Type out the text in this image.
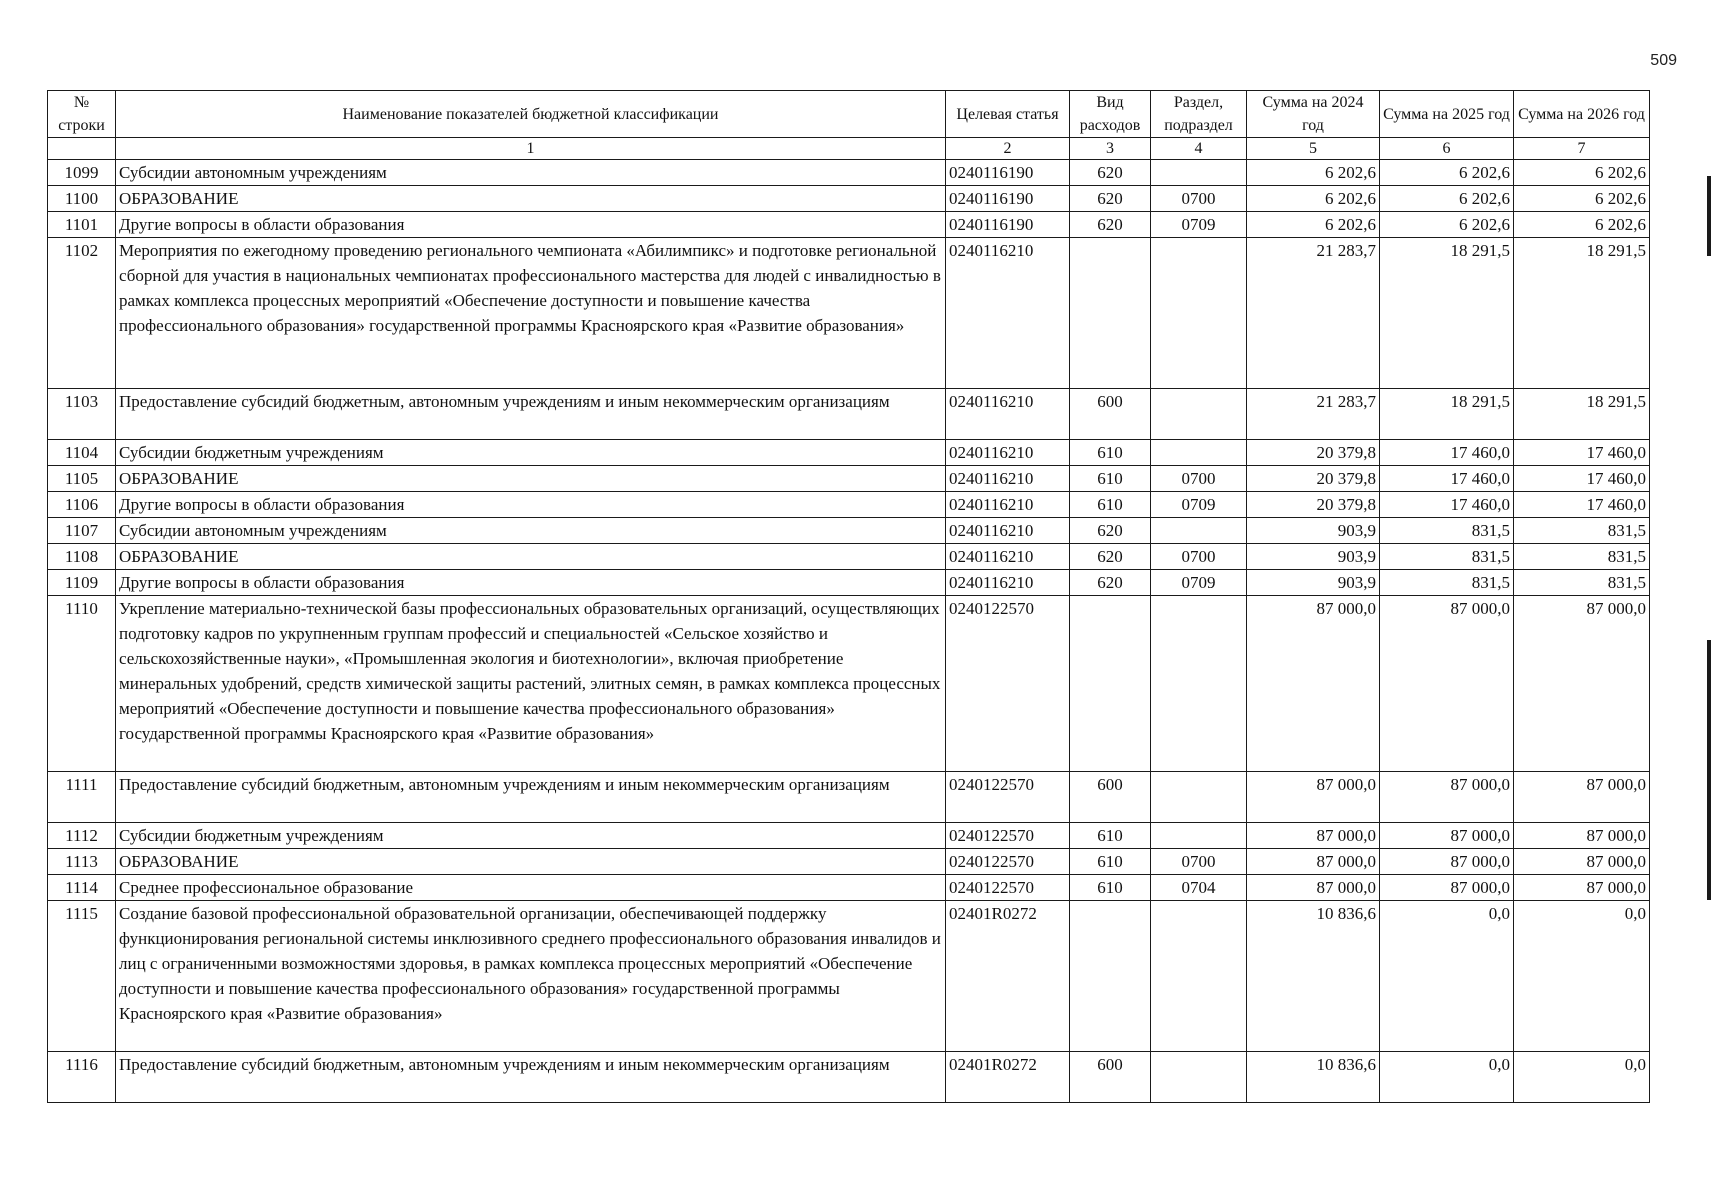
509
№ строки	Наименование показателей бюджетной классификации	Целевая статья	Вид расходов	Раздел, подраздел	Сумма на 2024 год	Сумма на 2025 год	Сумма на 2026 год
	1	2	3	4	5	6	7
1099	Субсидии автономным учреждениям	0240116190	620		6 202,6	6 202,6	6 202,6
1100	ОБРАЗОВАНИЕ	0240116190	620	0700	6 202,6	6 202,6	6 202,6
1101	Другие вопросы в области образования	0240116190	620	0709	6 202,6	6 202,6	6 202,6
1102	Мероприятия по ежегодному проведению регионального чемпионата «Абилимпикс» и подготовке региональной сборной для участия в национальных чемпионатах профессионального мастерства для людей с инвалидностью в рамках комплекса процессных мероприятий «Обеспечение доступности и повышение качества профессионального образования» государственной программы Красноярского края «Развитие образования»	0240116210			21 283,7	18 291,5	18 291,5
1103	Предоставление субсидий бюджетным, автономным учреждениям и иным некоммерческим организациям	0240116210	600		21 283,7	18 291,5	18 291,5
1104	Субсидии бюджетным учреждениям	0240116210	610		20 379,8	17 460,0	17 460,0
1105	ОБРАЗОВАНИЕ	0240116210	610	0700	20 379,8	17 460,0	17 460,0
1106	Другие вопросы в области образования	0240116210	610	0709	20 379,8	17 460,0	17 460,0
1107	Субсидии автономным учреждениям	0240116210	620		903,9	831,5	831,5
1108	ОБРАЗОВАНИЕ	0240116210	620	0700	903,9	831,5	831,5
1109	Другие вопросы в области образования	0240116210	620	0709	903,9	831,5	831,5
1110	Укрепление материально-технической базы профессиональных образовательных организаций, осуществляющих подготовку кадров по укрупненным группам профессий и специальностей «Сельское хозяйство и сельскохозяйственные науки», «Промышленная экология и биотехнологии», включая приобретение минеральных удобрений, средств химической защиты растений, элитных семян, в рамках комплекса процессных мероприятий «Обеспечение доступности и повышение качества профессионального образования» государственной программы Красноярского края «Развитие образования»	0240122570			87 000,0	87 000,0	87 000,0
1111	Предоставление субсидий бюджетным, автономным учреждениям и иным некоммерческим организациям	0240122570	600		87 000,0	87 000,0	87 000,0
1112	Субсидии бюджетным учреждениям	0240122570	610		87 000,0	87 000,0	87 000,0
1113	ОБРАЗОВАНИЕ	0240122570	610	0700	87 000,0	87 000,0	87 000,0
1114	Среднее профессиональное образование	0240122570	610	0704	87 000,0	87 000,0	87 000,0
1115	Создание базовой профессиональной образовательной организации, обеспечивающей поддержку функционирования региональной системы инклюзивного среднего профессионального образования инвалидов и лиц с ограниченными возможностями здоровья, в рамках комплекса процессных мероприятий «Обеспечение доступности и повышение качества профессионального образования» государственной программы Красноярского края «Развитие образования»	02401R0272			10 836,6	0,0	0,0
1116	Предоставление субсидий бюджетным, автономным учреждениям и иным некоммерческим организациям	02401R0272	600		10 836,6	0,0	0,0
